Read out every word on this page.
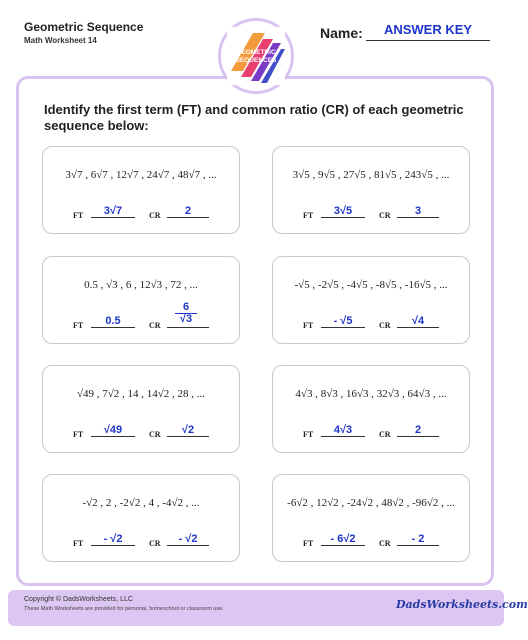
Geometric Sequence
Math Worksheet 14	Name:	ANSWER KEY
GEOMETRIC
SEQUENCES
Identify the first term (FT) and common ratio (CR) of each geometric sequence below:
3√7 , 6√7 , 12√7 , 24√7 , 48√7 , ...
FT	3√7	CR	2
3√5 , 9√5 , 27√5 , 81√5 , 243√5 , ...
FT	3√5	CR	3
0.5 , √3 , 6 , 12√3 , 72 , ...
FT	0.5	CR
$\frac{6}{√3}$
-√5 , -2√5 , -4√5 , -8√5 , -16√5 , ...
FT	- √5	CR	√4
√49 , 7√2 , 14 , 14√2 , 28 , ...
FT	√49	CR	√2
4√3 , 8√3 , 16√3 , 32√3 , 64√3 , ...
FT	4√3	CR	2
-√2 , 2 , -2√2 , 4 , -4√2 , ...
FT	- √2	CR	- √2
-6√2 , 12√2 , -24√2 , 48√2 , -96√2 , ...
FT	- 6√2	CR	- 2
Copyright © DadsWorksheets, LLC
These Math Worksheets are provided for personal, homeschool or classroom use.	DadsWorksheets.com
